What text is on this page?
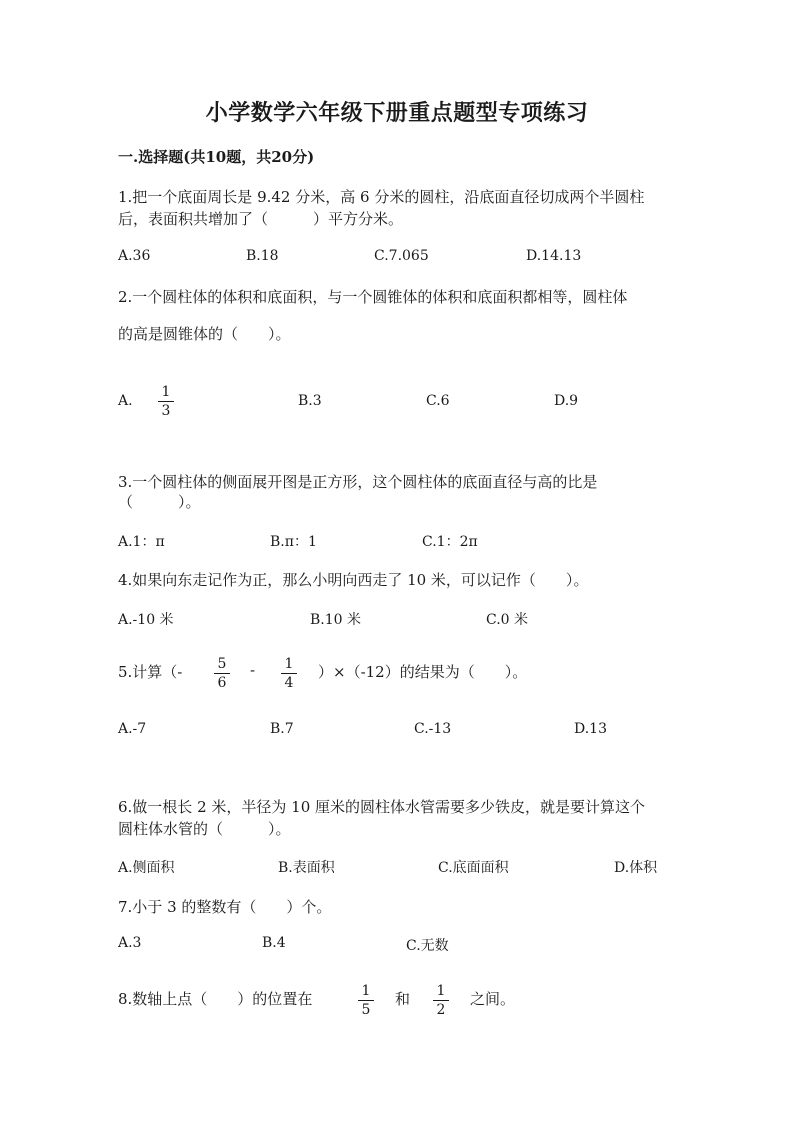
小学数学六年级下册重点题型专项练习
一.选择题(共10题，共20分)
1.把一个底面周长是 9.42 分米，高 6 分米的圆柱，沿底面直径切成两个半圆柱
后，表面积共增加了（　　　）平方分米。
A.36	B.18	C.7.065	D.14.13
2.一个圆柱体的体积和底面积，与一个圆锥体的体积和底面积都相等，圆柱体
的高是圆锥体的（　　）。
A.
1
3
B.3	C.6	D.9
3.一个圆柱体的侧面展开图是正方形，这个圆柱体的底面直径与高的比是
（　　　）。
A.1：π	B.π：1	C.1：2π
4.如果向东走记作为正，那么小明向西走了 10 米，可以记作（　　）。
A.-10 米	B.10 米	C.0 米
5.计算（-	5
6
- 1
4
）×（-12）的结果为（　　）。
A.-7	B.7	C.-13	D.13
6.做一根长 2 米，半径为 10 厘米的圆柱体水管需要多少铁皮，就是要计算这个
圆柱体水管的（　　　）。
A.侧面积	B.表面积	C.底面面积	D.体积
7.小于 3 的整数有（　　）个。
A.3	B.4	C.无数
8.数轴上点（　　）的位置在	1
5
和 1
2
之间。
